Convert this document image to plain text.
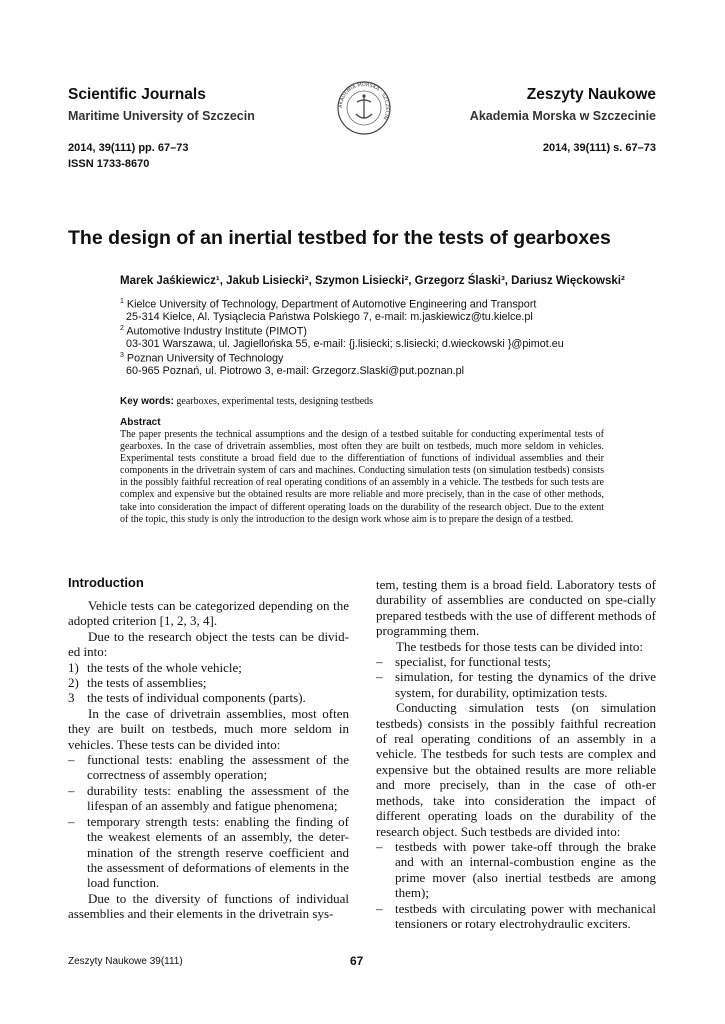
Scientific Journals
Maritime University of Szczecin
Zeszyty Naukowe
Akademia Morska w Szczecinie
AKADEMIA MORSKA · SZCZECIN
2014, 39(111) pp. 67–73
ISSN 1733-8670
2014, 39(111) s. 67–73
The design of an inertial testbed for the tests of gearboxes
Marek Jaśkiewicz¹, Jakub Lisiecki², Szymon Lisiecki², Grzegorz Ślaski³, Dariusz Więckowski²
$^1$ Kielce University of Technology, Department of Automotive Engineering and Transport
25-314 Kielce, Al. Tysiąclecia Państwa Polskiego 7, e-mail: m.jaskiewicz@tu.kielce.pl
$^2$ Automotive Industry Institute (PIMOT)
03-301 Warszawa, ul. Jagiellońska 55, e-mail: {j.lisiecki; s.lisiecki; d.wieckowski }@pimot.eu
$^3$ Poznan University of Technology
60-965 Poznań, ul. Piotrowo 3, e-mail: Grzegorz.Slaski@put.poznan.pl
Key words: gearboxes, experimental tests, designing testbeds
Abstract
The paper presents the technical assumptions and the design of a testbed suitable for conducting experimental tests of gearboxes. In the case of drivetrain assemblies, most often they are built on testbeds, much more seldom in vehicles. Experimental tests constitute a broad field due to the differentiation of functions of individual assemblies and their components in the drivetrain system of cars and machines. Conducting simulation tests (on simulation testbeds) consists in the possibly faithful recreation of real operating conditions of an assembly in a vehicle. The testbeds for such tests are complex and expensive but the obtained results are more reliable and more precisely, than in the case of other methods, take into consideration the impact of different operating loads on the durability of the research object. Due to the extent of the topic, this study is only the introduction to the design work whose aim is to prepare the design of a testbed.
Introduction

Vehicle tests can be categorized depending on the adopted criterion [1, 2, 3, 4].

Due to the research object the tests can be divid-ed into:

1) the tests of the whole vehicle;
2) the tests of assemblies;
3 the tests of individual components (parts).

In the case of drivetrain assemblies, most often they are built on testbeds, much more seldom in vehicles. These tests can be divided into:

– functional tests: enabling the assessment of the correctness of assembly operation;
– durability tests: enabling the assessment of the lifespan of an assembly and fatigue phenomena;
– temporary strength tests: enabling the finding of the weakest elements of an assembly, the deter-mination of the strength reserve coefficient and the assessment of deformations of elements in the load function.

Due to the diversity of functions of individual assemblies and their elements in the drivetrain sys-

tem, testing them is a broad field. Laboratory tests of durability of assemblies are conducted on spe-cially prepared testbeds with the use of different methods of programming them.

The testbeds for those tests can be divided into:

– specialist, for functional tests;
– simulation, for testing the dynamics of the drive system, for durability, optimization tests.

Conducting simulation tests (on simulation testbeds) consists in the possibly faithful recreation of real operating conditions of an assembly in a vehicle. The testbeds for such tests are complex and expensive but the obtained results are more reliable and more precisely, than in the case of oth-er methods, take into consideration the impact of different operating loads on the durability of the research object. Such testbeds are divided into:

– testbeds with power take-off through the brake and with an internal-combustion engine as the prime mover (also inertial testbeds are among them);
– testbeds with circulating power with mechanical tensioners or rotary electrohydraulic exciters.
Zeszyty Naukowe 39(111)	67
